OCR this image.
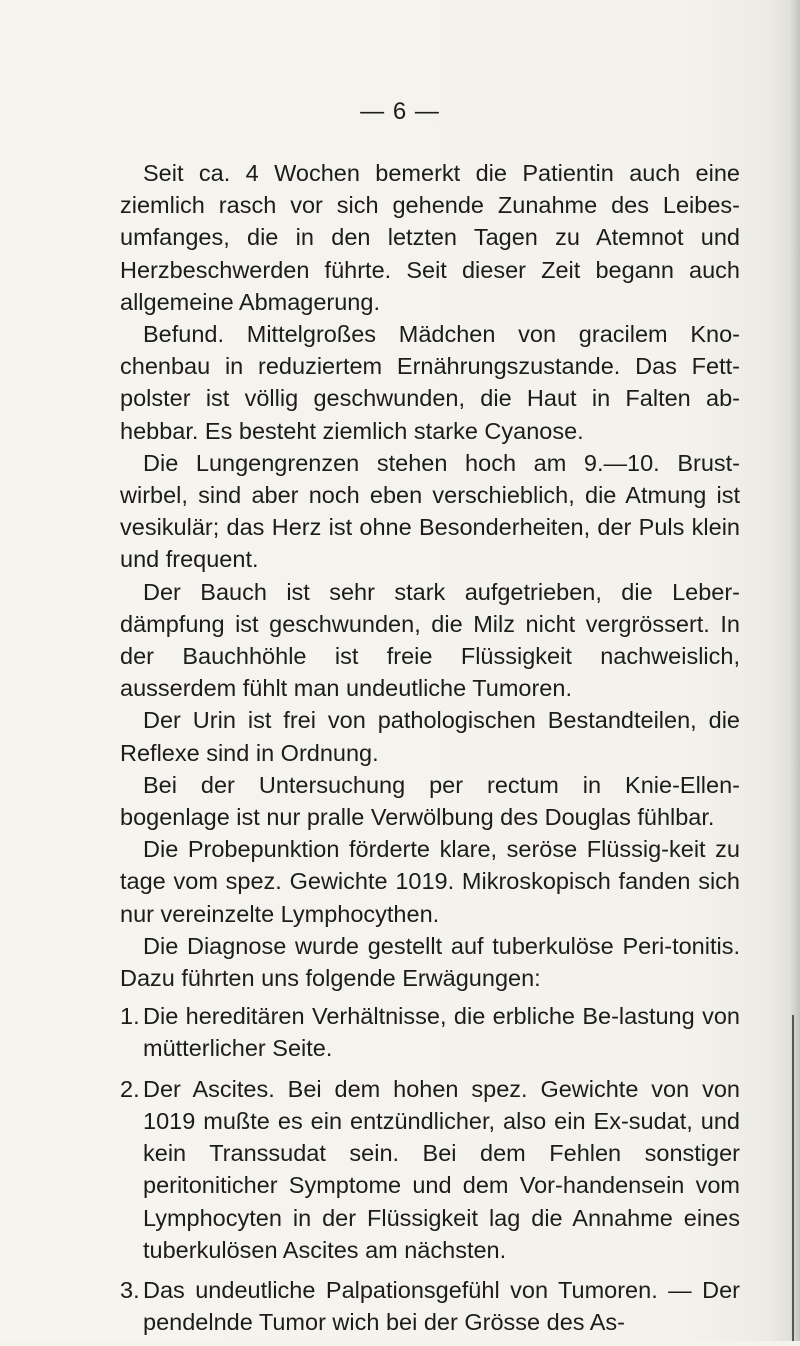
— 6 —

Seit ca. 4 Wochen bemerkt die Patientin auch eine ziemlich rasch vor sich gehende Zunahme des Leibes-umfanges, die in den letzten Tagen zu Atemnot und Herzbeschwerden führte. Seit dieser Zeit begann auch allgemeine Abmagerung.

Befund. Mittelgroßes Mädchen von gracilem Kno-chenbau in reduziertem Ernährungszustande. Das Fett-polster ist völlig geschwunden, die Haut in Falten ab-hebbar. Es besteht ziemlich starke Cyanose.

Die Lungengrenzen stehen hoch am 9.—10. Brust-wirbel, sind aber noch eben verschieblich, die Atmung ist vesikulär; das Herz ist ohne Besonderheiten, der Puls klein und frequent.

Der Bauch ist sehr stark aufgetrieben, die Leber-dämpfung ist geschwunden, die Milz nicht vergrössert. In der Bauchhöhle ist freie Flüssigkeit nachweislich, ausserdem fühlt man undeutliche Tumoren.

Der Urin ist frei von pathologischen Bestandteilen, die Reflexe sind in Ordnung.

Bei der Untersuchung per rectum in Knie-Ellen-bogenlage ist nur pralle Verwölbung des Douglas fühlbar.

Die Probepunktion förderte klare, seröse Flüssig-keit zu tage vom spez. Gewichte 1019. Mikroskopisch fanden sich nur vereinzelte Lymphocythen.

Die Diagnose wurde gestellt auf tuberkulöse Peri-tonitis. Dazu führten uns folgende Erwägungen:

1. Die hereditären Verhältnisse, die erbliche Be-lastung von mütterlicher Seite.
2. Der Ascites. Bei dem hohen spez. Gewichte von von 1019 mußte es ein entzündlicher, also ein Ex-sudat, und kein Transsudat sein. Bei dem Fehlen sonstiger peritoniticher Symptome und dem Vor-handensein vom Lymphocyten in der Flüssigkeit lag die Annahme eines tuberkulösen Ascites am nächsten.
3. Das undeutliche Palpationsgefühl von Tumoren. — Der pendelnde Tumor wich bei der Grösse des As-
